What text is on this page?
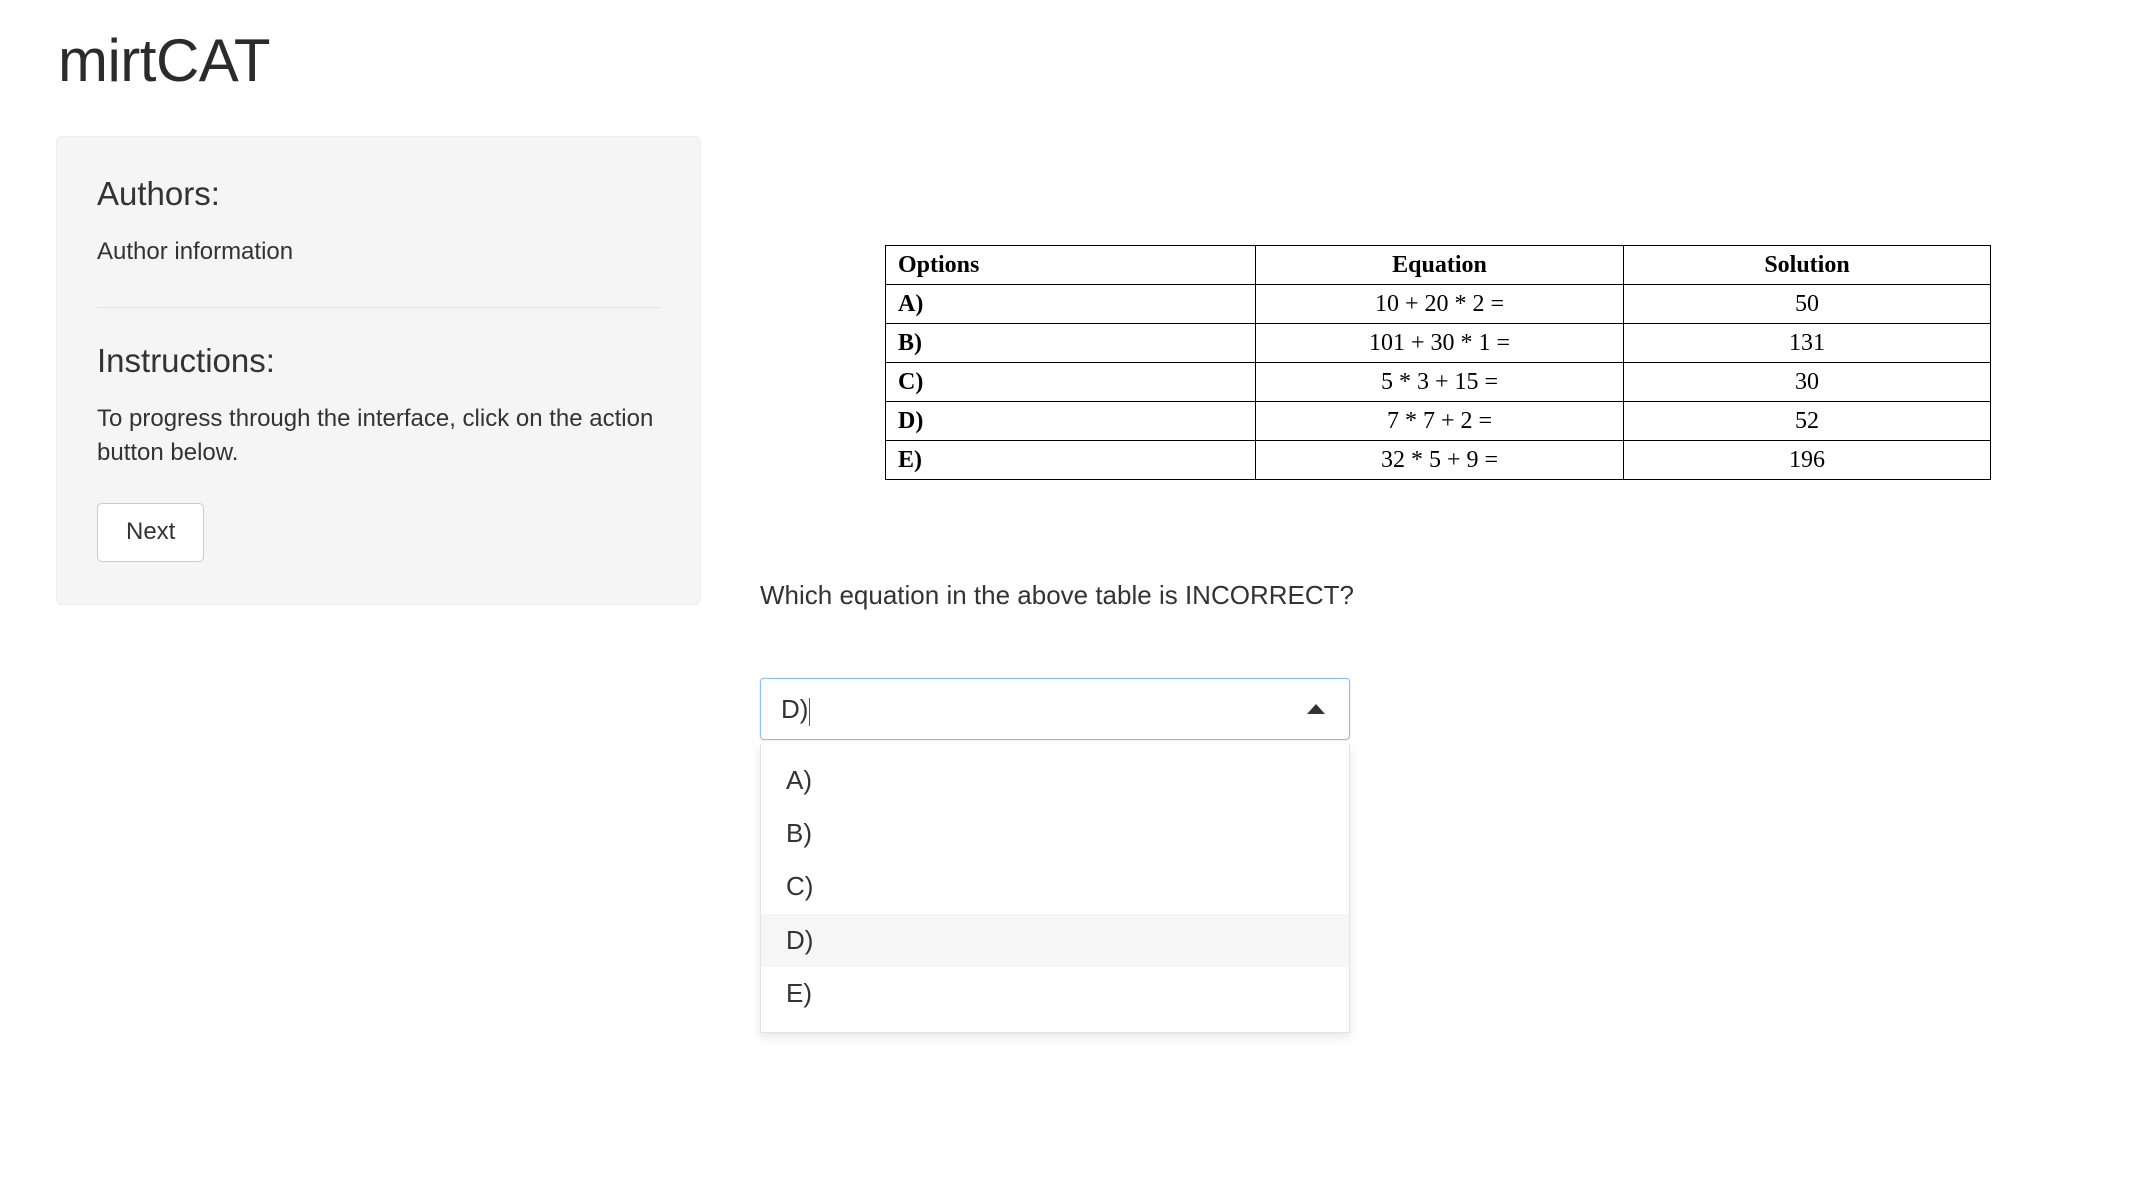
mirtCAT
Authors:

Author information

Instructions:

To progress through the interface, click on the action button below.

Next
Options	Equation	Solution
A)	10 + 20 * 2 =	50
B)	101 + 30 * 1 =	131
C)	5 * 3 + 15 =	30
D)	7 * 7 + 2 =	52
E)	32 * 5 + 9 =	196
Which equation in the above table is INCORRECT?
D)
A)
B)
C)
D)
E)
